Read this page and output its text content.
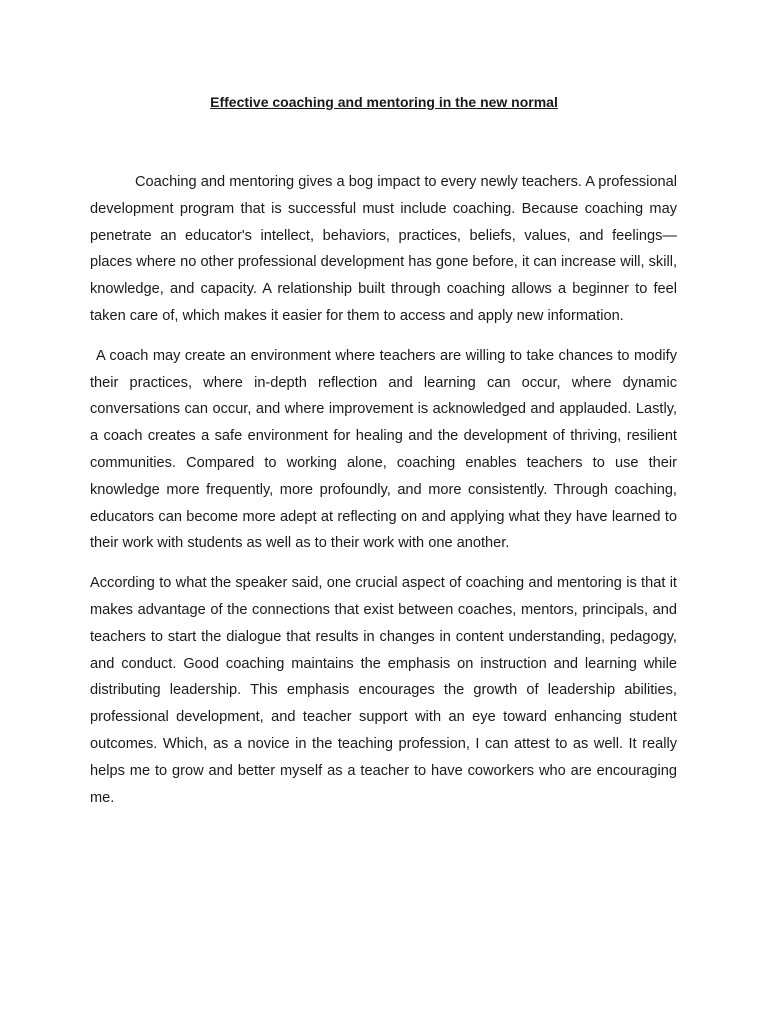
Effective coaching and mentoring in the new normal

Coaching and mentoring gives a bog impact to every newly teachers. A professional development program that is successful must include coaching. Because coaching may penetrate an educator's intellect, behaviors, practices, beliefs, values, and feelings—places where no other professional development has gone before, it can increase will, skill, knowledge, and capacity. A relationship built through coaching allows a beginner to feel taken care of, which makes it easier for them to access and apply new information.

A coach may create an environment where teachers are willing to take chances to modify their practices, where in-depth reflection and learning can occur, where dynamic conversations can occur, and where improvement is acknowledged and applauded. Lastly, a coach creates a safe environment for healing and the development of thriving, resilient communities. Compared to working alone, coaching enables teachers to use their knowledge more frequently, more profoundly, and more consistently. Through coaching, educators can become more adept at reflecting on and applying what they have learned to their work with students as well as to their work with one another.

According to what the speaker said, one crucial aspect of coaching and mentoring is that it makes advantage of the connections that exist between coaches, mentors, principals, and teachers to start the dialogue that results in changes in content understanding, pedagogy, and conduct. Good coaching maintains the emphasis on instruction and learning while distributing leadership. This emphasis encourages the growth of leadership abilities, professional development, and teacher support with an eye toward enhancing student outcomes. Which, as a novice in the teaching profession, I can attest to as well. It really helps me to grow and better myself as a teacher to have coworkers who are encouraging me.
